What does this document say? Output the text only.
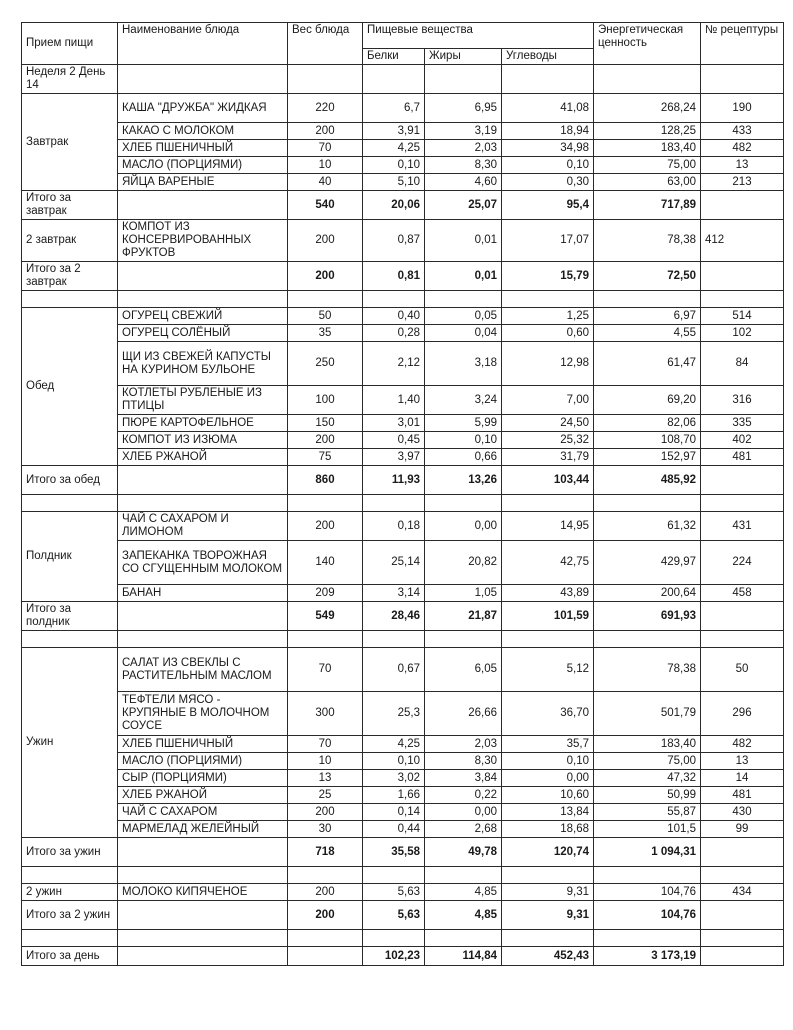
Прием пищи	Наименование блюда	Вес блюда	Пищевые вещества			Энергетическая ценность	№ рецептуры
			Белки	Жиры	Углеводы		
Неделя 2 День 14							
Завтрак	КАША "ДРУЖБА" ЖИДКАЯ	220	6,7	6,95	41,08	268,24	190
	КАКАО С МОЛОКОМ	200	3,91	3,19	18,94	128,25	433
	ХЛЕБ ПШЕНИЧНЫЙ	70	4,25	2,03	34,98	183,40	482
	МАСЛО (ПОРЦИЯМИ)	10	0,10	8,30	0,10	75,00	13
	ЯЙЦА ВАРЕНЫЕ	40	5,10	4,60	0,30	63,00	213
Итого за завтрак		540	20,06	25,07	95,4	717,89	
2 завтрак	КОМПОТ ИЗ КОНСЕРВИРОВАННЫХ ФРУКТОВ	200	0,87	0,01	17,07	78,38	412
Итого за 2 завтрак		200	0,81	0,01	15,79	72,50	

Обед	ОГУРЕЦ СВЕЖИЙ	50	0,40	0,05	1,25	6,97	514
	ОГУРЕЦ СОЛЁНЫЙ	35	0,28	0,04	0,60	4,55	102
	ЩИ ИЗ СВЕЖЕЙ КАПУСТЫ НА КУРИНОМ БУЛЬОНЕ	250	2,12	3,18	12,98	61,47	84
	КОТЛЕТЫ РУБЛЕНЫЕ ИЗ ПТИЦЫ	100	1,40	3,24	7,00	69,20	316
	ПЮРЕ КАРТОФЕЛЬНОЕ	150	3,01	5,99	24,50	82,06	335
	КОМПОТ ИЗ ИЗЮМА	200	0,45	0,10	25,32	108,70	402
	ХЛЕБ РЖАНОЙ	75	3,97	0,66	31,79	152,97	481
Итого за обед		860	11,93	13,26	103,44	485,92	

Полдник	ЧАЙ С САХАРОМ И ЛИМОНОМ	200	0,18	0,00	14,95	61,32	431
	ЗАПЕКАНКА ТВОРОЖНАЯ СО СГУЩЕННЫМ МОЛОКОМ	140	25,14	20,82	42,75	429,97	224
	БАНАН	209	3,14	1,05	43,89	200,64	458
Итого за полдник		549	28,46	21,87	101,59	691,93	

Ужин	САЛАТ ИЗ СВЕКЛЫ С РАСТИТЕЛЬНЫМ МАСЛОМ	70	0,67	6,05	5,12	78,38	50
	ТЕФТЕЛИ МЯСО - КРУПЯНЫЕ В МОЛОЧНОМ СОУСЕ	300	25,3	26,66	36,70	501,79	296
	ХЛЕБ ПШЕНИЧНЫЙ	70	4,25	2,03	35,7	183,40	482
	МАСЛО (ПОРЦИЯМИ)	10	0,10	8,30	0,10	75,00	13
	СЫР (ПОРЦИЯМИ)	13	3,02	3,84	0,00	47,32	14
	ХЛЕБ РЖАНОЙ	25	1,66	0,22	10,60	50,99	481
	ЧАЙ С САХАРОМ	200	0,14	0,00	13,84	55,87	430
	МАРМЕЛАД ЖЕЛЕЙНЫЙ	30	0,44	2,68	18,68	101,5	99
Итого за ужин		718	35,58	49,78	120,74	1 094,31	

2 ужин	МОЛОКО КИПЯЧЕНОЕ	200	5,63	4,85	9,31	104,76	434
Итого за 2 ужин		200	5,63	4,85	9,31	104,76	

Итого за день			102,23	114,84	452,43	3 173,19	
